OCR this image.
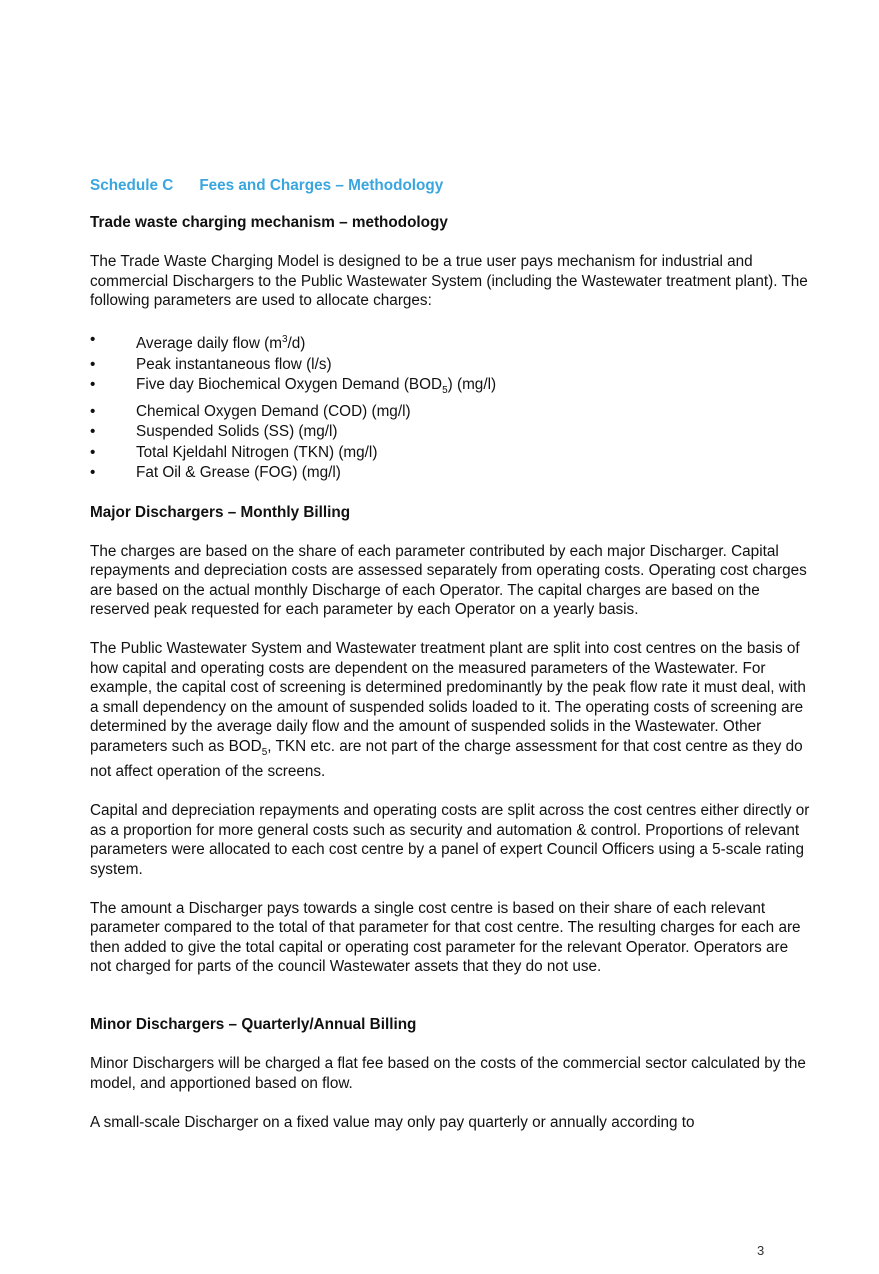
Schedule C Fees and Charges – Methodology
Trade waste charging mechanism – methodology

The Trade Waste Charging Model is designed to be a true user pays mechanism for industrial and commercial Dischargers to the Public Wastewater System (including the Wastewater treatment plant). The following parameters are used to allocate charges:

•	Average daily flow $(m^3/d)$
•	Peak instantaneous flow (l/s)
•	Five day Biochemical Oxygen Demand $(BOD_5)$ (mg/l)
•	Chemical Oxygen Demand (COD) (mg/l)
•	Suspended Solids (SS) (mg/l)
•	Total Kjeldahl Nitrogen (TKN) (mg/l)
•	Fat Oil & Grease (FOG) (mg/l)
Major Dischargers – Monthly Billing

The charges are based on the share of each parameter contributed by each major Discharger. Capital repayments and depreciation costs are assessed separately from operating costs. Operating cost charges are based on the actual monthly Discharge of each Operator. The capital charges are based on the reserved peak requested for each parameter by each Operator on a yearly basis.

The Public Wastewater System and Wastewater treatment plant are split into cost centres on the basis of how capital and operating costs are dependent on the measured parameters of the Wastewater. For example, the capital cost of screening is determined predominantly by the peak flow rate it must deal, with a small dependency on the amount of suspended solids loaded to it. The operating costs of screening are determined by the average daily flow and the amount of suspended solids in the Wastewater. Other parameters such as $BOD_5$, TKN etc. are not part of the charge assessment for that cost centre as they do not affect operation of the screens.

Capital and depreciation repayments and operating costs are split across the cost centres either directly or as a proportion for more general costs such as security and automation & control. Proportions of relevant parameters were allocated to each cost centre by a panel of expert Council Officers using a 5-scale rating system.

The amount a Discharger pays towards a single cost centre is based on their share of each relevant parameter compared to the total of that parameter for that cost centre. The resulting charges for each are then added to give the total capital or operating cost parameter for the relevant Operator. Operators are not charged for parts of the council Wastewater assets that they do not use.

Minor Dischargers – Quarterly/Annual Billing

Minor Dischargers will be charged a flat fee based on the costs of the commercial sector calculated by the model, and apportioned based on flow.

A small-scale Discharger on a fixed value may only pay quarterly or annually according to

3
